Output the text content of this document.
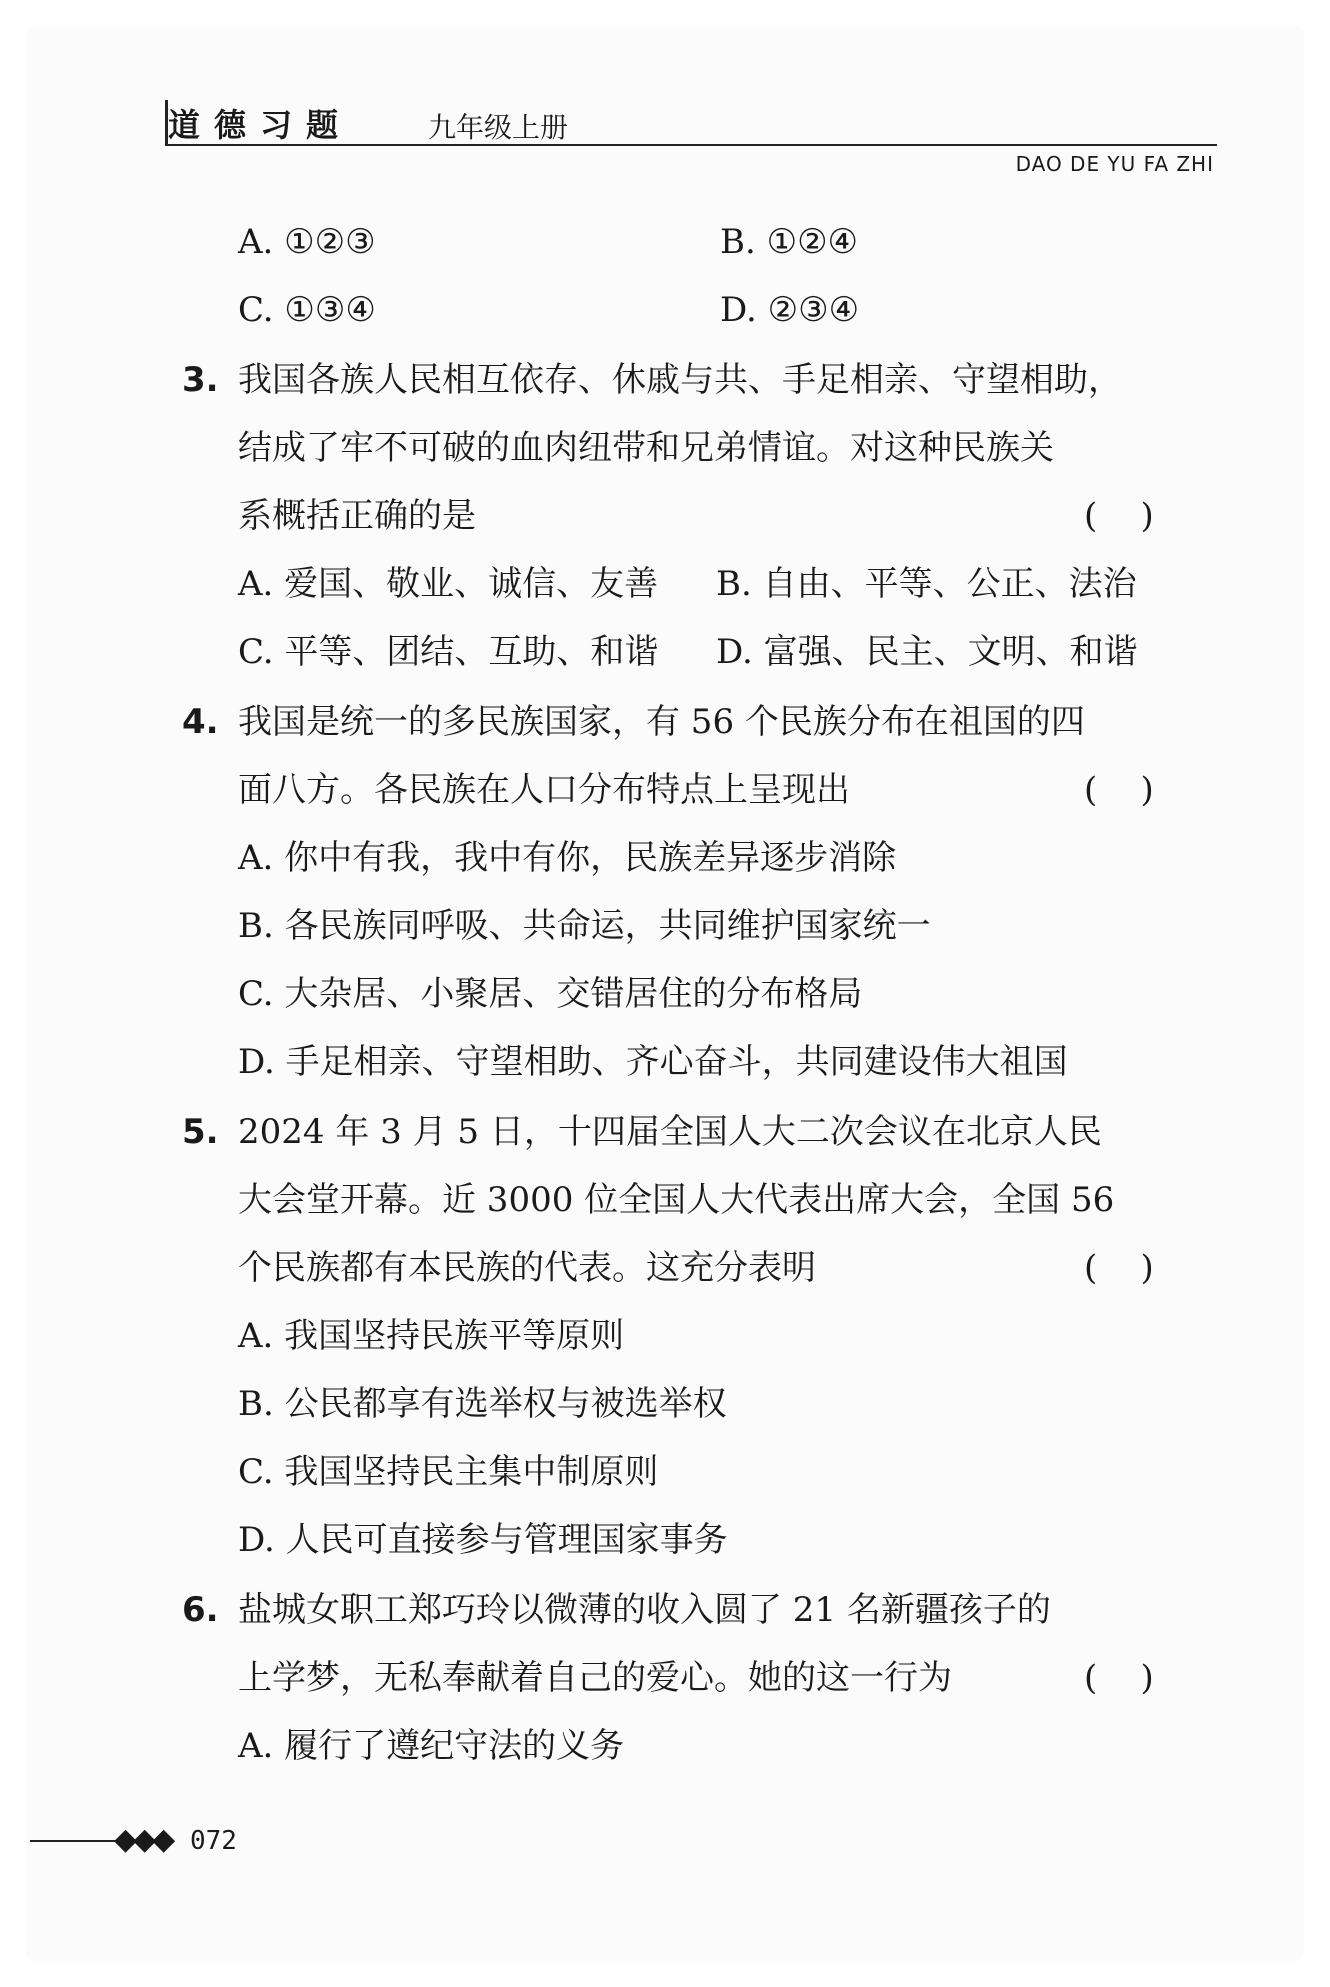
道德习题	九年级上册
DAO DE YU FA ZHI
A. ①②③	B. ①②④
C. ①③④	D. ②③④
3. 我国各族人民相互依存、休戚与共、手足相亲、守望相助，
结成了牢不可破的血肉纽带和兄弟情谊。对这种民族关
系概括正确的是	(    )
A. 爱国、敬业、诚信、友善 B. 自由、平等、公正、法治
C. 平等、团结、互助、和谐 D. 富强、民主、文明、和谐
4. 我国是统一的多民族国家，有 56 个民族分布在祖国的四
面八方。各民族在人口分布特点上呈现出	(    )
A. 你中有我，我中有你，民族差异逐步消除
B. 各民族同呼吸、共命运，共同维护国家统一
C. 大杂居、小聚居、交错居住的分布格局
D. 手足相亲、守望相助、齐心奋斗，共同建设伟大祖国
5. 2024 年 3 月 5 日，十四届全国人大二次会议在北京人民
大会堂开幕。近 3000 位全国人大代表出席大会，全国 56
个民族都有本民族的代表。这充分表明	(    )
A. 我国坚持民族平等原则
B. 公民都享有选举权与被选举权
C. 我国坚持民主集中制原则
D. 人民可直接参与管理国家事务
6. 盐城女职工郑巧玲以微薄的收入圆了 21 名新疆孩子的
上学梦，无私奉献着自己的爱心。她的这一行为	(    )
A. 履行了遵纪守法的义务
◆◆◆ 072
